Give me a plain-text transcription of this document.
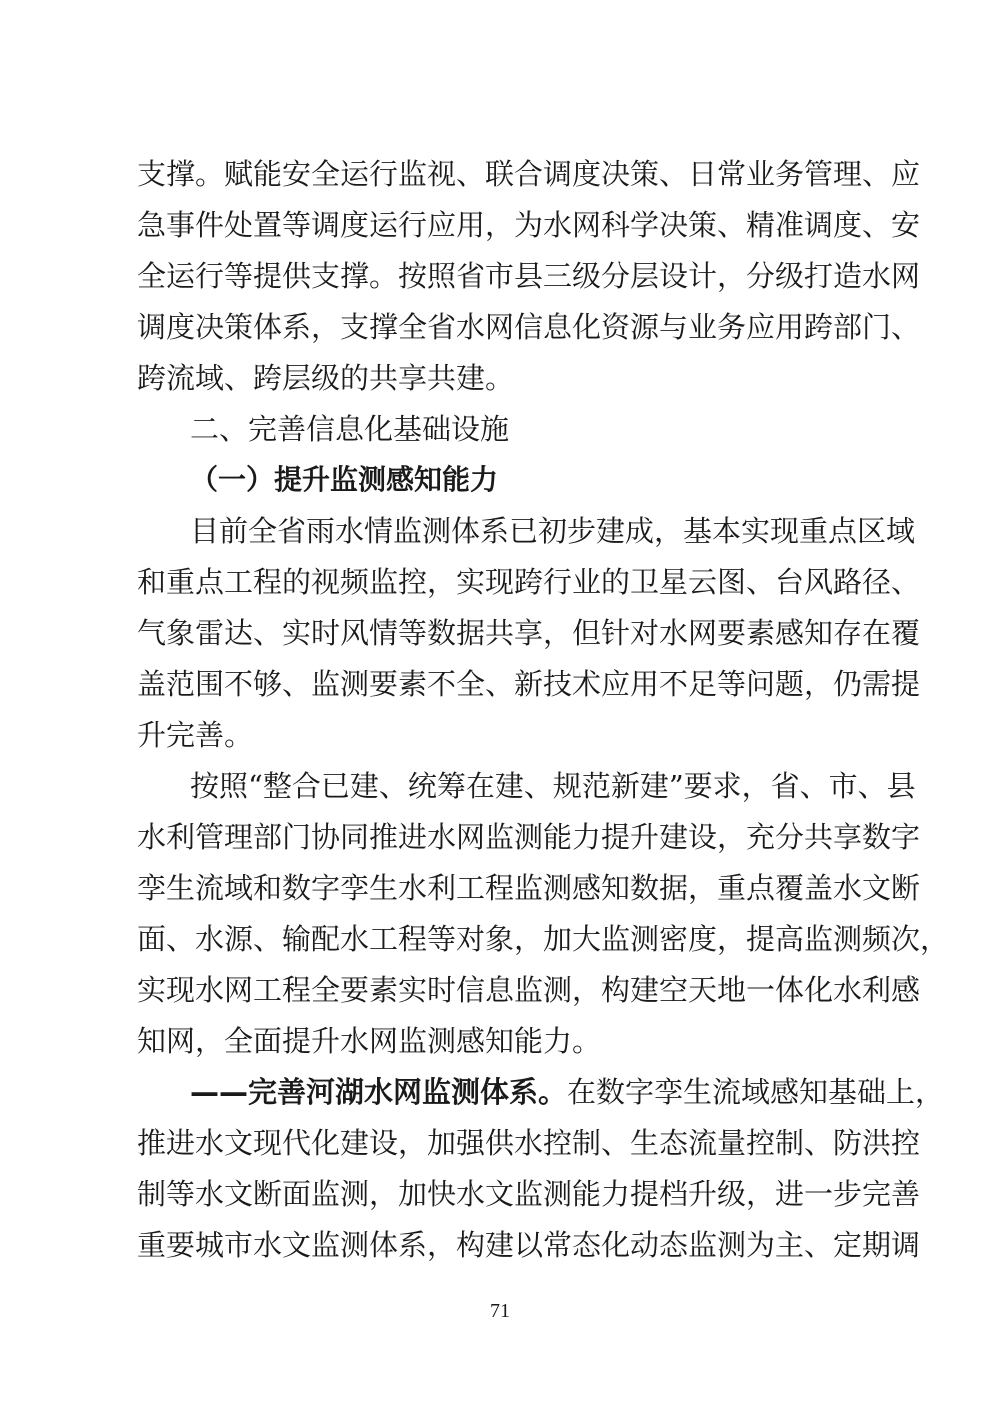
支撑。赋能安全运行监视、联合调度决策、日常业务管理、应
急事件处置等调度运行应用，为水网科学决策、精准调度、安
全运行等提供支撑。按照省市县三级分层设计，分级打造水网
调度决策体系，支撑全省水网信息化资源与业务应用跨部门、
跨流域、跨层级的共享共建。
二、完善信息化基础设施
（一）提升监测感知能力
目前全省雨水情监测体系已初步建成，基本实现重点区域
和重点工程的视频监控，实现跨行业的卫星云图、台风路径、
气象雷达、实时风情等数据共享，但针对水网要素感知存在覆
盖范围不够、监测要素不全、新技术应用不足等问题，仍需提
升完善。
按照“整合已建、统筹在建、规范新建”要求，省、市、县
水利管理部门协同推进水网监测能力提升建设，充分共享数字
孪生流域和数字孪生水利工程监测感知数据，重点覆盖水文断
面、水源、输配水工程等对象，加大监测密度，提高监测频次，
实现水网工程全要素实时信息监测，构建空天地一体化水利感
知网，全面提升水网监测感知能力。
——完善河湖水网监测体系。在数字孪生流域感知基础上，
推进水文现代化建设，加强供水控制、生态流量控制、防洪控
制等水文断面监测，加快水文监测能力提档升级，进一步完善
重要城市水文监测体系，构建以常态化动态监测为主、定期调
71
